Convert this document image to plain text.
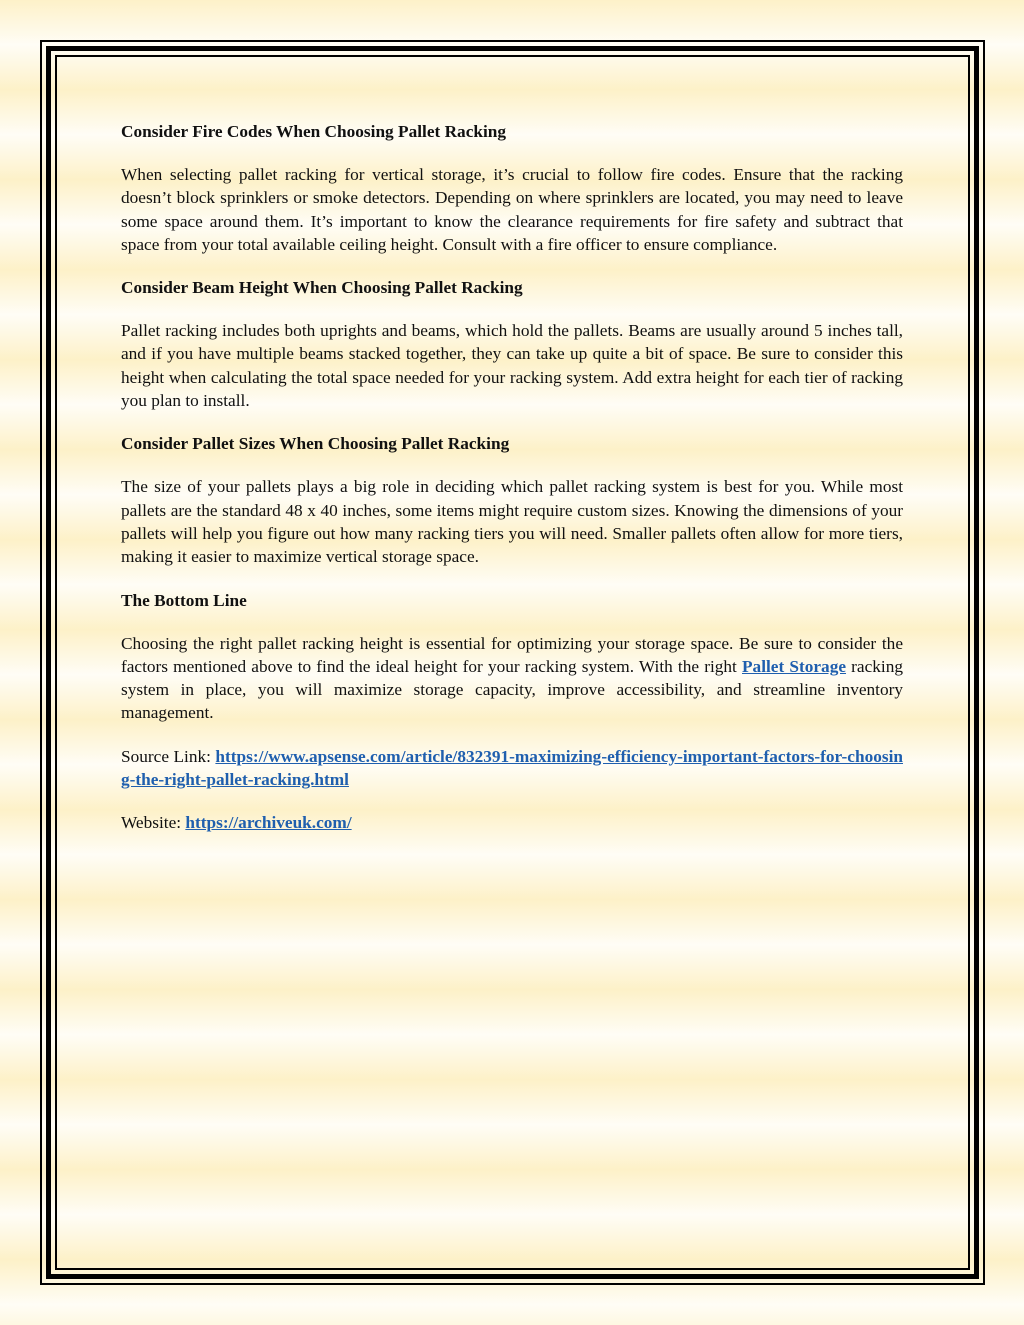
Consider Fire Codes When Choosing Pallet Racking

When selecting pallet racking for vertical storage, it’s crucial to follow fire codes. Ensure that the racking doesn’t block sprinklers or smoke detectors. Depending on where sprinklers are located, you may need to leave some space around them. It’s important to know the clearance requirements for fire safety and subtract that space from your total available ceiling height. Consult with a fire officer to ensure compliance.

Consider Beam Height When Choosing Pallet Racking

Pallet racking includes both uprights and beams, which hold the pallets. Beams are usually around 5 inches tall, and if you have multiple beams stacked together, they can take up quite a bit of space. Be sure to consider this height when calculating the total space needed for your racking system. Add extra height for each tier of racking you plan to install.

Consider Pallet Sizes When Choosing Pallet Racking

The size of your pallets plays a big role in deciding which pallet racking system is best for you. While most pallets are the standard 48 x 40 inches, some items might require custom sizes. Knowing the dimensions of your pallets will help you figure out how many racking tiers you will need. Smaller pallets often allow for more tiers, making it easier to maximize vertical storage space.

The Bottom Line

Choosing the right pallet racking height is essential for optimizing your storage space. Be sure to consider the factors mentioned above to find the ideal height for your racking system. With the right Pallet Storage racking system in place, you will maximize storage capacity, improve accessibility, and streamline inventory management.

Source Link: https://www.apsense.com/article/832391-maximizing-efficiency-important-factors-for-choosing-the-right-pallet-racking.html

Website: https://archiveuk.com/
